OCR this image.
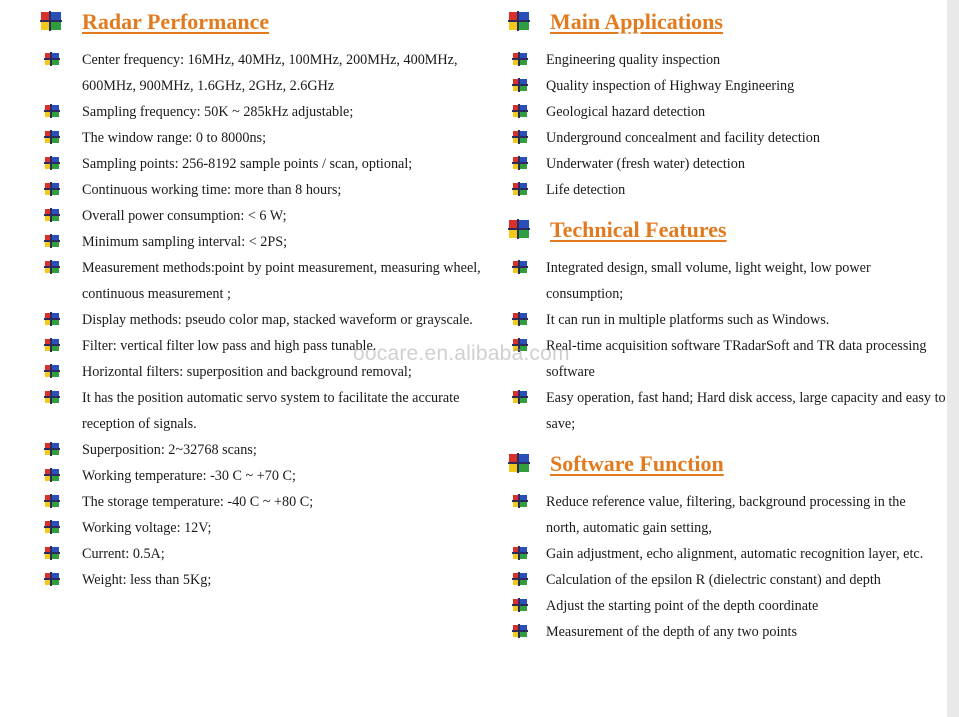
Radar Performance
Center frequency: 16MHz, 40MHz, 100MHz, 200MHz, 400MHz, 600MHz, 900MHz, 1.6GHz, 2GHz, 2.6GHz
Sampling frequency: 50K ~ 285kHz adjustable;
The window range: 0 to 8000ns;
Sampling points: 256-8192 sample points / scan, optional;
Continuous working time: more than 8 hours;
Overall power consumption: < 6 W;
Minimum sampling interval: < 2PS;
Measurement methods:point by point measurement, measuring wheel, continuous measurement ;
Display methods: pseudo color map, stacked waveform or grayscale.
Filter: vertical filter low pass and high pass tunable.
Horizontal filters: superposition and background removal;
It has the position automatic servo system to facilitate the accurate reception of signals.
Superposition: 2~32768 scans;
Working temperature: -30 C ~ +70 C;
The storage temperature: -40 C ~ +80 C;
Working voltage: 12V;
Current: 0.5A;
Weight: less than 5Kg;
Main Applications
Engineering quality inspection
Quality inspection of Highway Engineering
Geological hazard detection
Underground concealment and facility detection
Underwater (fresh water) detection
Life detection
Technical Features
Integrated design, small volume, light weight, low power consumption;
It can run in multiple platforms such as Windows.
Real-time acquisition software TRadarSoft and TR data processing software
Easy operation, fast hand; Hard disk access, large capacity and easy to save;
Software Function
Reduce reference value, filtering, background processing in the north, automatic gain setting,
Gain adjustment, echo alignment, automatic recognition layer, etc.
Calculation of the epsilon R (dielectric constant) and depth
Adjust the starting point of the depth coordinate
Measurement of the depth of any two points
oocare.en.alibaba.com
